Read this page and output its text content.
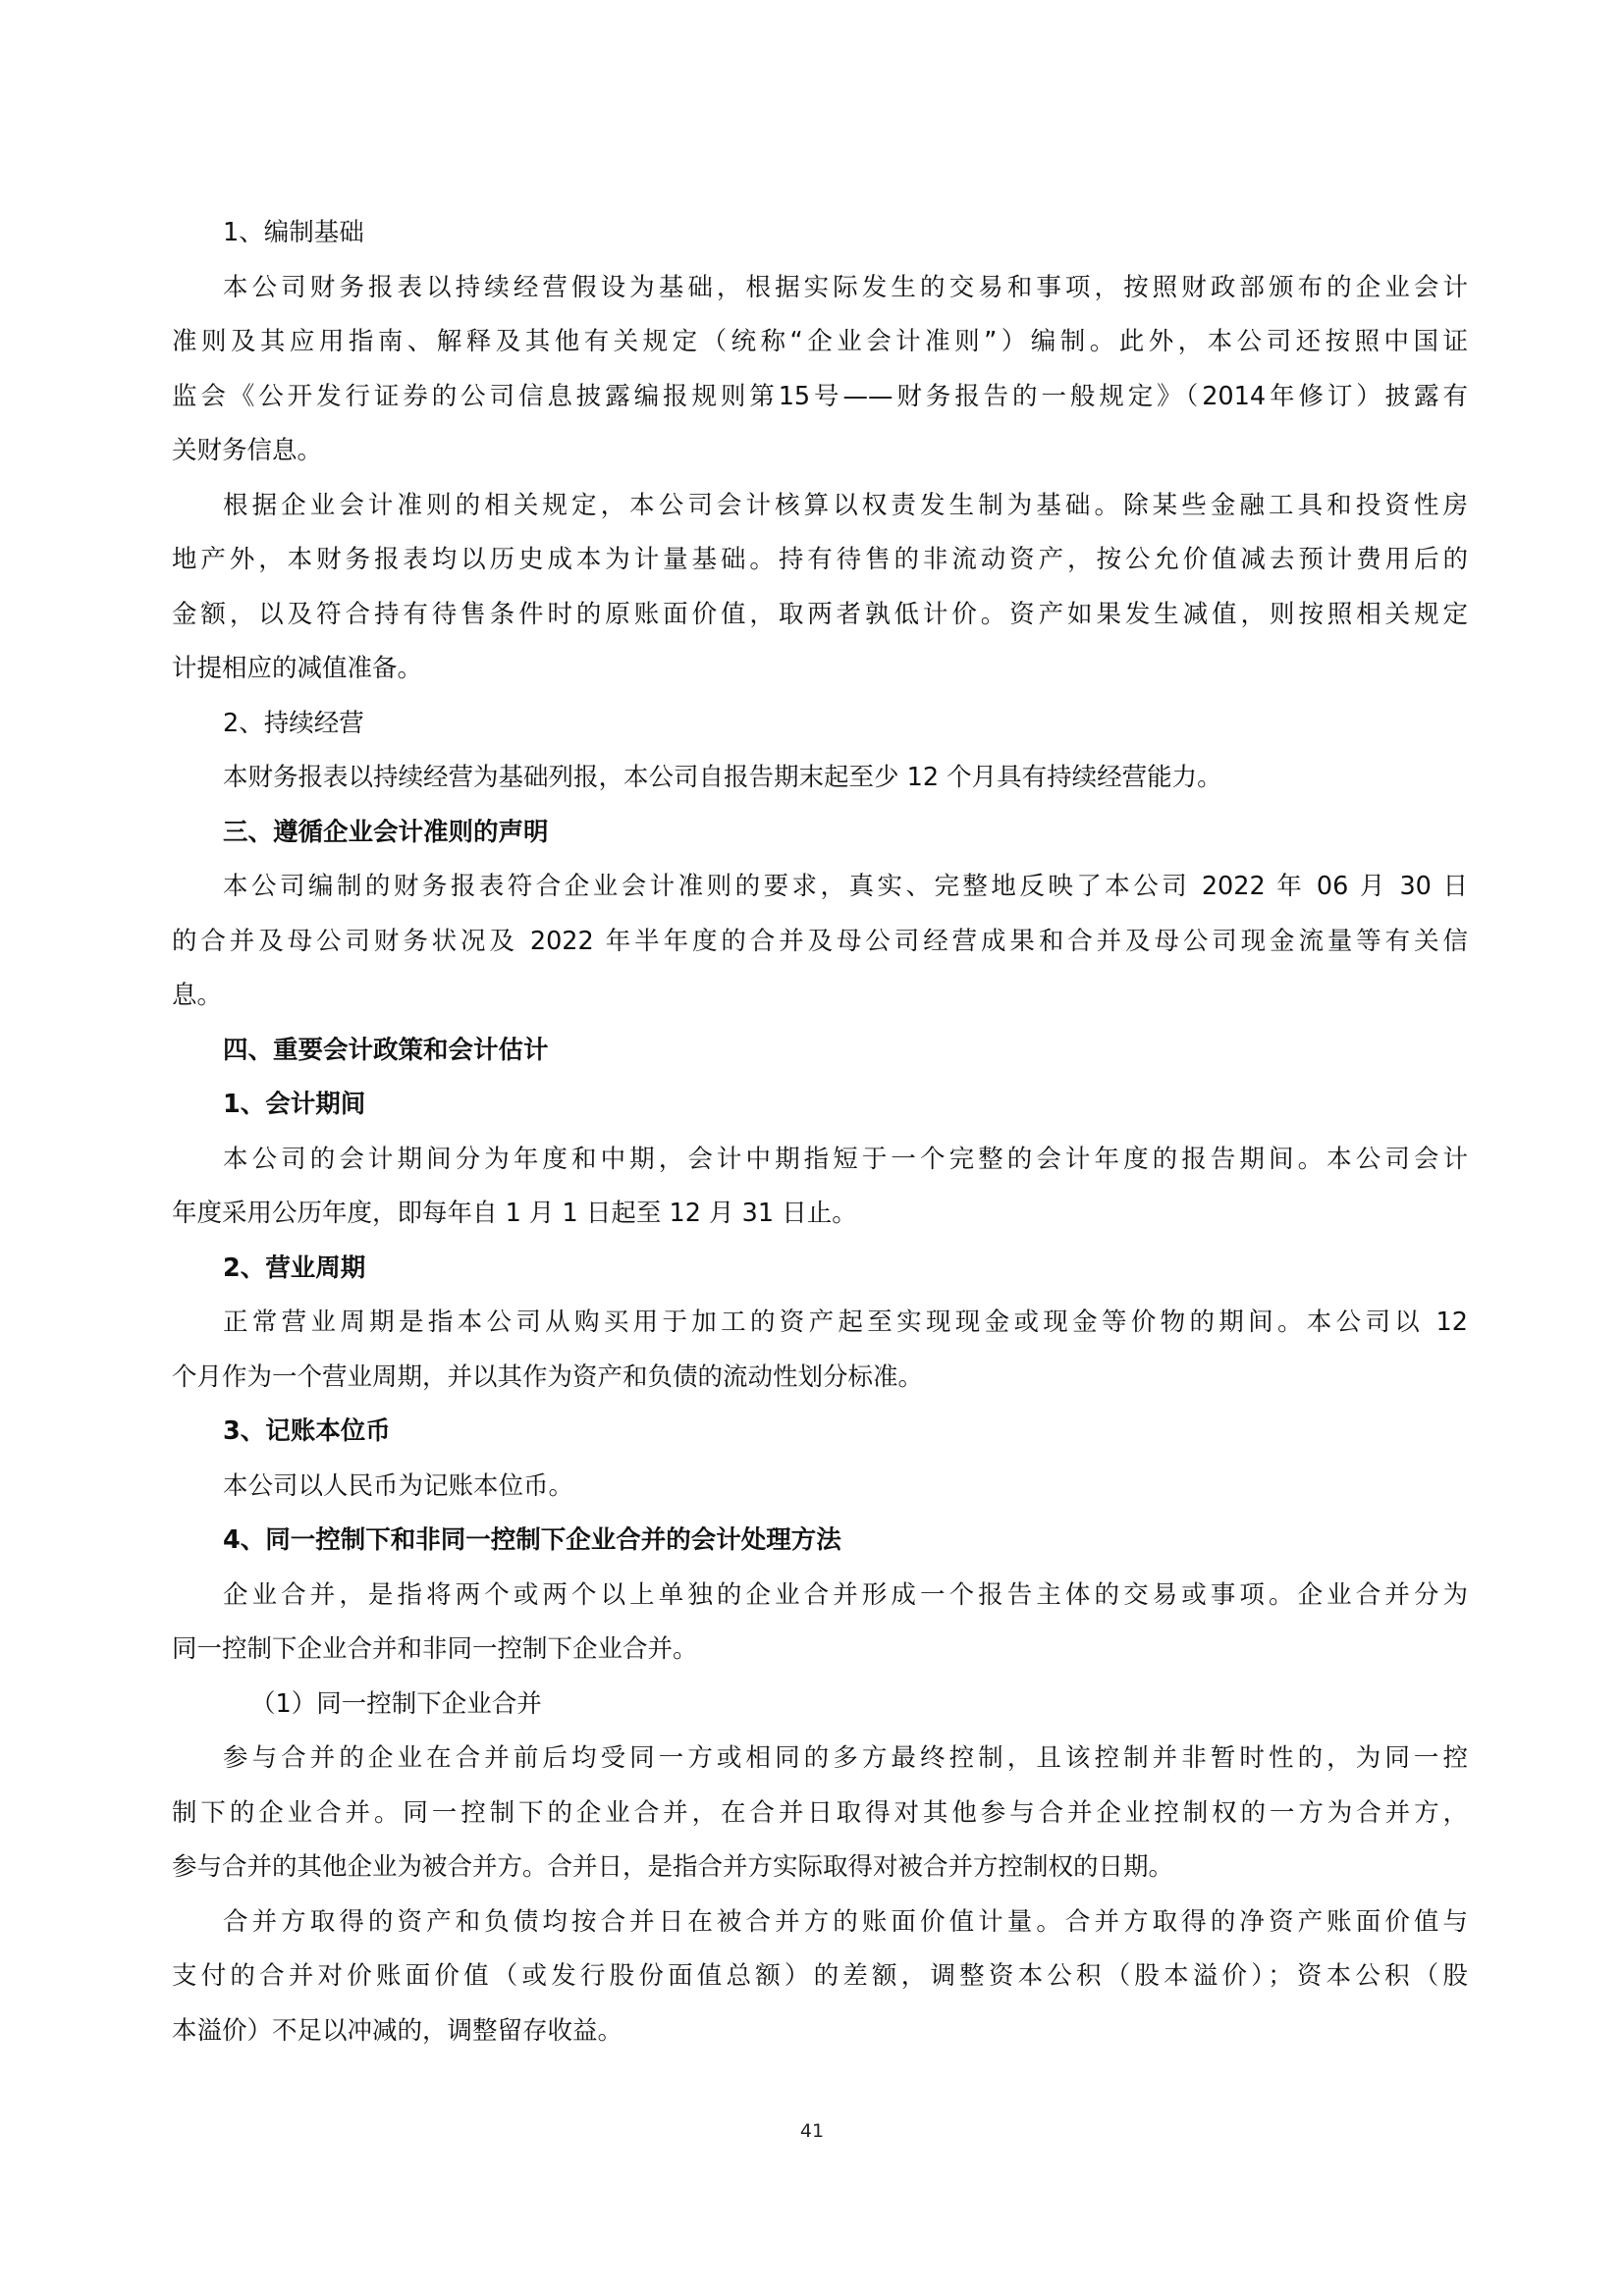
1、编制基础
本公司财务报表以持续经营假设为基础，根据实际发生的交易和事项，按照财政部颁布的企业会计
准则及其应用指南、解释及其他有关规定（统称“企业会计准则”）编制。此外，本公司还按照中国证
监会《公开发行证券的公司信息披露编报规则第15号——财务报告的一般规定》（2014年修订）披露有
关财务信息。
根据企业会计准则的相关规定，本公司会计核算以权责发生制为基础。除某些金融工具和投资性房
地产外，本财务报表均以历史成本为计量基础。持有待售的非流动资产，按公允价值减去预计费用后的
金额，以及符合持有待售条件时的原账面价值，取两者孰低计价。资产如果发生减值，则按照相关规定
计提相应的减值准备。
2、持续经营
本财务报表以持续经营为基础列报，本公司自报告期末起至少 12 个月具有持续经营能力。
三、遵循企业会计准则的声明
本公司编制的财务报表符合企业会计准则的要求，真实、完整地反映了本公司 2022 年 06 月 30 日
的合并及母公司财务状况及 2022 年半年度的合并及母公司经营成果和合并及母公司现金流量等有关信
息。
四、重要会计政策和会计估计
1、会计期间
本公司的会计期间分为年度和中期，会计中期指短于一个完整的会计年度的报告期间。本公司会计
年度采用公历年度，即每年自 1 月 1 日起至 12 月 31 日止。
2、营业周期
正常营业周期是指本公司从购买用于加工的资产起至实现现金或现金等价物的期间。本公司以 12
个月作为一个营业周期，并以其作为资产和负债的流动性划分标准。
3、记账本位币
本公司以人民币为记账本位币。
4、同一控制下和非同一控制下企业合并的会计处理方法
企业合并，是指将两个或两个以上单独的企业合并形成一个报告主体的交易或事项。企业合并分为
同一控制下企业合并和非同一控制下企业合并。
（1）同一控制下企业合并
参与合并的企业在合并前后均受同一方或相同的多方最终控制，且该控制并非暂时性的，为同一控
制下的企业合并。同一控制下的企业合并，在合并日取得对其他参与合并企业控制权的一方为合并方，
参与合并的其他企业为被合并方。合并日，是指合并方实际取得对被合并方控制权的日期。
合并方取得的资产和负债均按合并日在被合并方的账面价值计量。合并方取得的净资产账面价值与
支付的合并对价账面价值（或发行股份面值总额）的差额，调整资本公积（股本溢价）；资本公积（股
本溢价）不足以冲减的，调整留存收益。
41
